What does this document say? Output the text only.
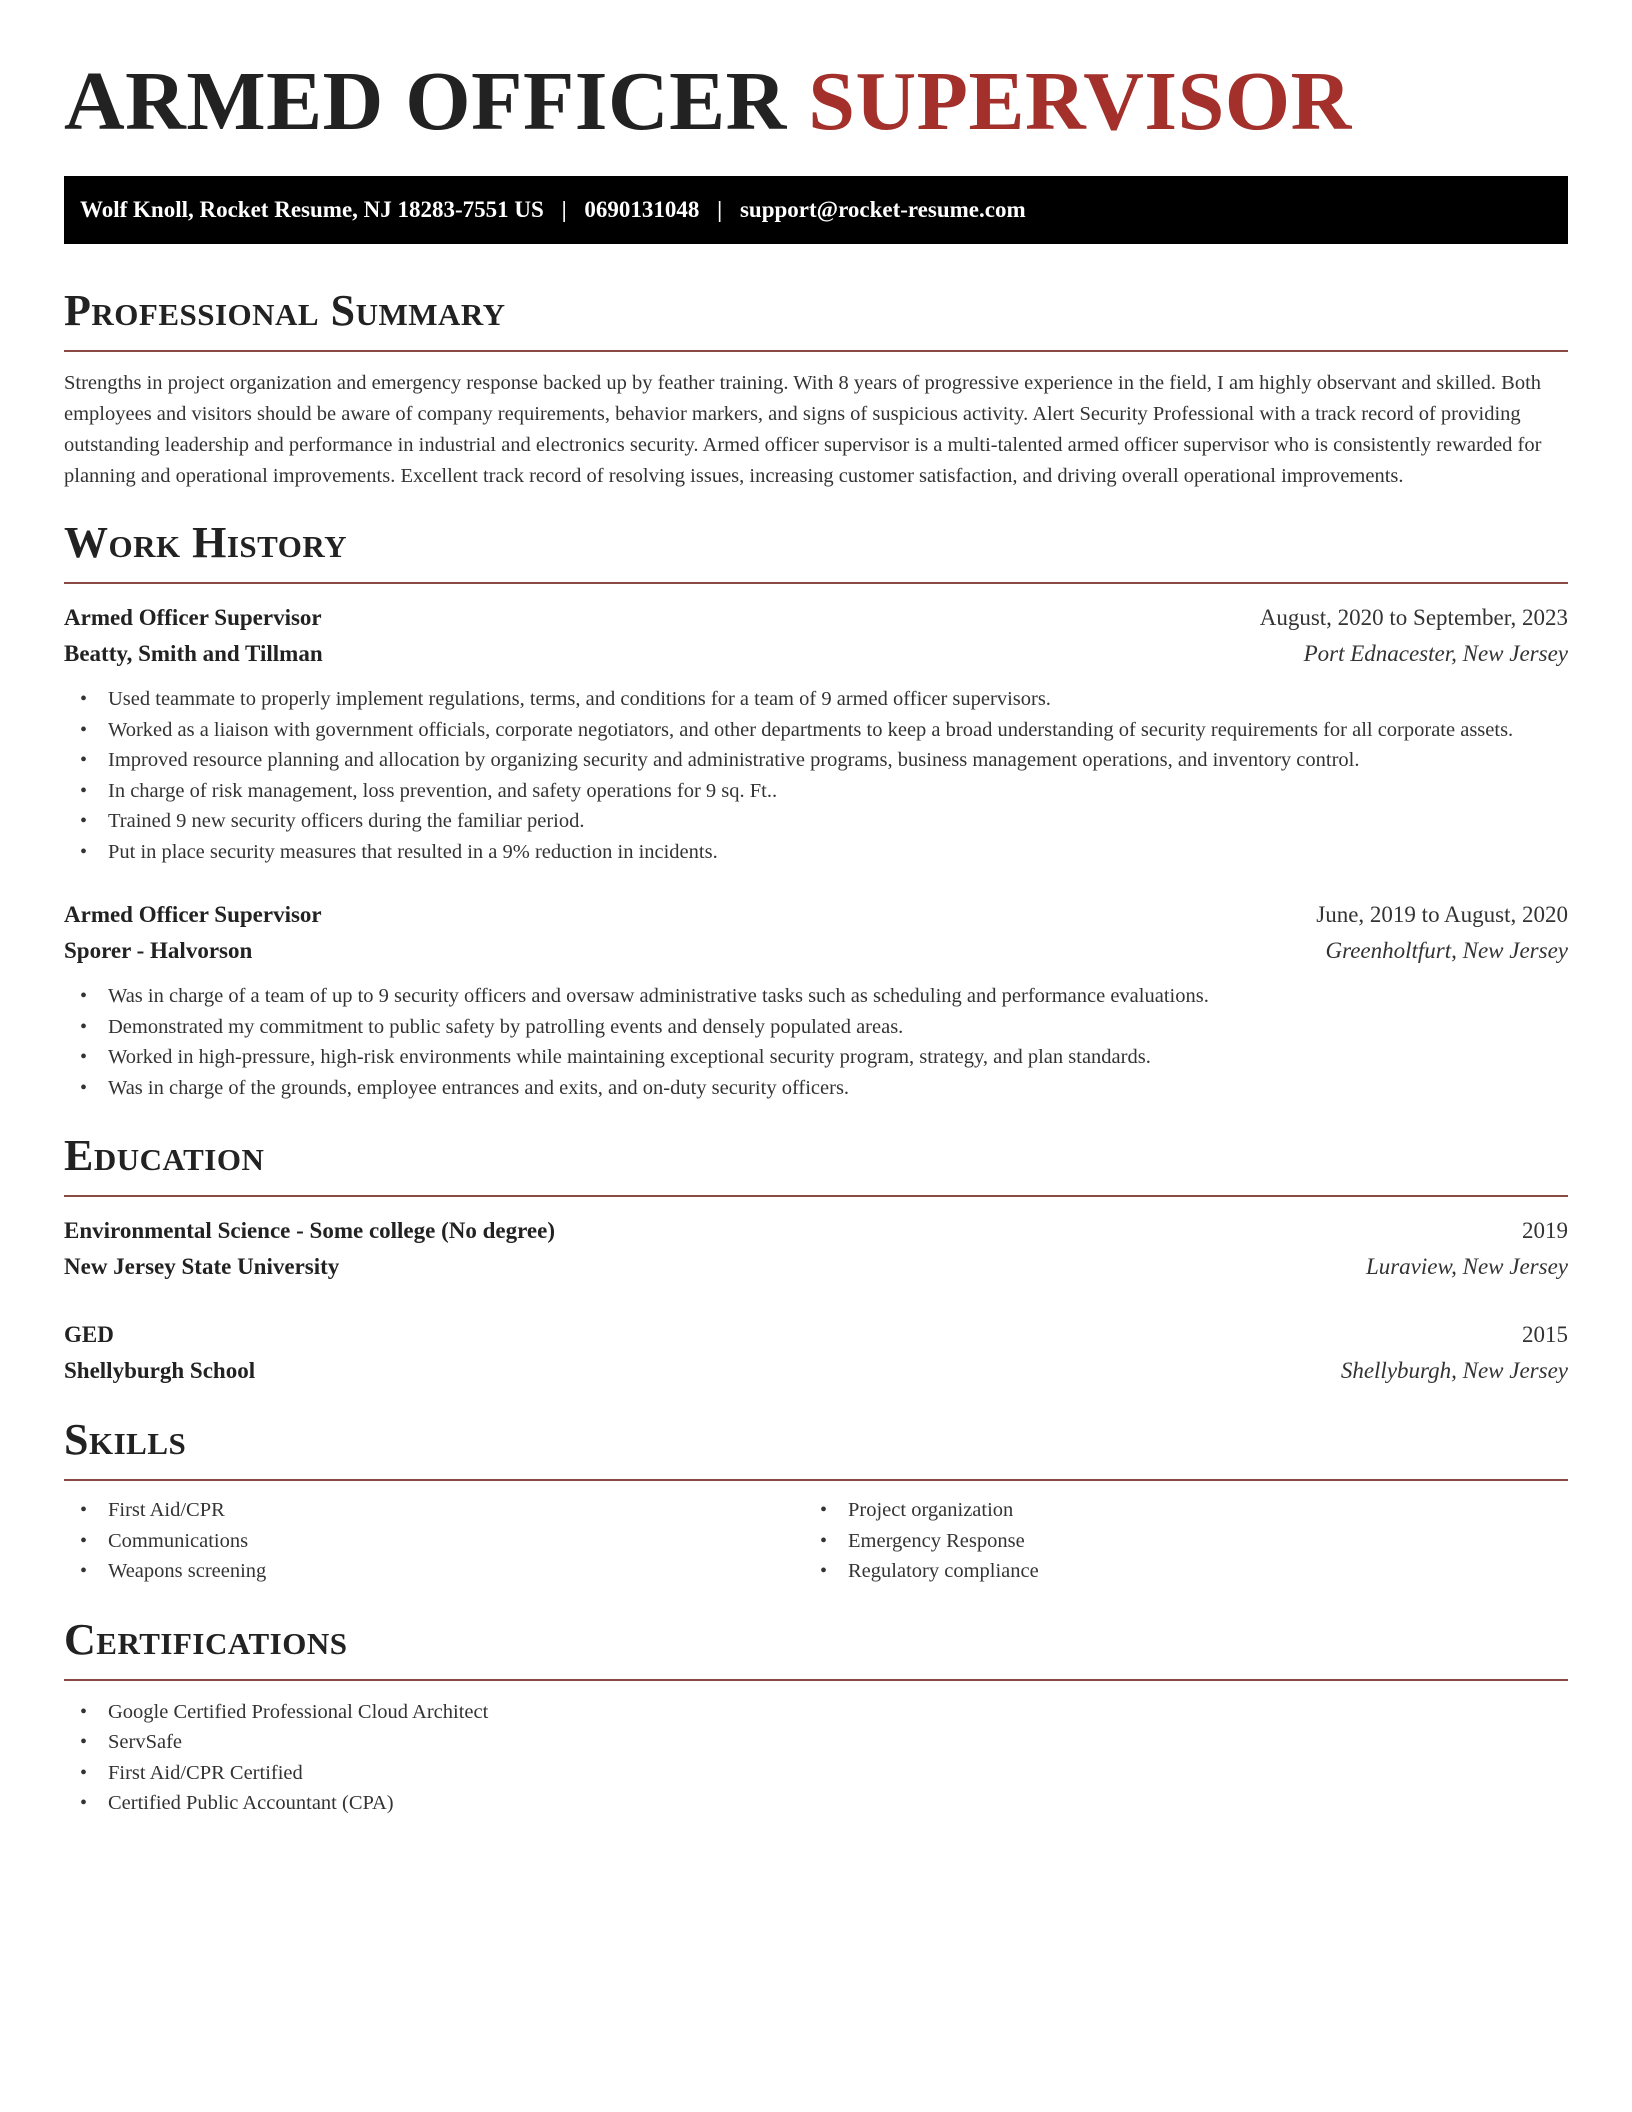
ARMED OFFICER SUPERVISOR
Wolf Knoll, Rocket Resume, NJ 18283-7551 US | 0690131048 | support@rocket-resume.com
Professional Summary

Strengths in project organization and emergency response backed up by feather training. With 8 years of progressive experience in the field, I am highly observant and skilled. Both employees and visitors should be aware of company requirements, behavior markers, and signs of suspicious activity. Alert Security Professional with a track record of providing outstanding leadership and performance in industrial and electronics security. Armed officer supervisor is a multi-talented armed officer supervisor who is consistently rewarded for planning and operational improvements. Excellent track record of resolving issues, increasing customer satisfaction, and driving overall operational improvements.

Work History
Armed Officer Supervisor	August, 2020 to September, 2023
Beatty, Smith and Tillman	Port Ednacester, New Jersey
• Used teammate to properly implement regulations, terms, and conditions for a team of 9 armed officer supervisors.
• Worked as a liaison with government officials, corporate negotiators, and other departments to keep a broad understanding of security requirements for all corporate assets.
• Improved resource planning and allocation by organizing security and administrative programs, business management operations, and inventory control.
• In charge of risk management, loss prevention, and safety operations for 9 sq. Ft..
• Trained 9 new security officers during the familiar period.
• Put in place security measures that resulted in a 9% reduction in incidents.
Armed Officer Supervisor	June, 2019 to August, 2020
Sporer - Halvorson	Greenholtfurt, New Jersey
• Was in charge of a team of up to 9 security officers and oversaw administrative tasks such as scheduling and performance evaluations.
• Demonstrated my commitment to public safety by patrolling events and densely populated areas.
• Worked in high-pressure, high-risk environments while maintaining exceptional security program, strategy, and plan standards.
• Was in charge of the grounds, employee entrances and exits, and on-duty security officers.
Education
Environmental Science - Some college (No degree)	2019
New Jersey State University	Luraview, New Jersey
GED	2015
Shellyburgh School	Shellyburgh, New Jersey
Skills
• First Aid/CPR
• Communications
• Weapons screening
• Project organization
• Emergency Response
• Regulatory compliance
Certifications
• Google Certified Professional Cloud Architect
• ServSafe
• First Aid/CPR Certified
• Certified Public Accountant (CPA)
